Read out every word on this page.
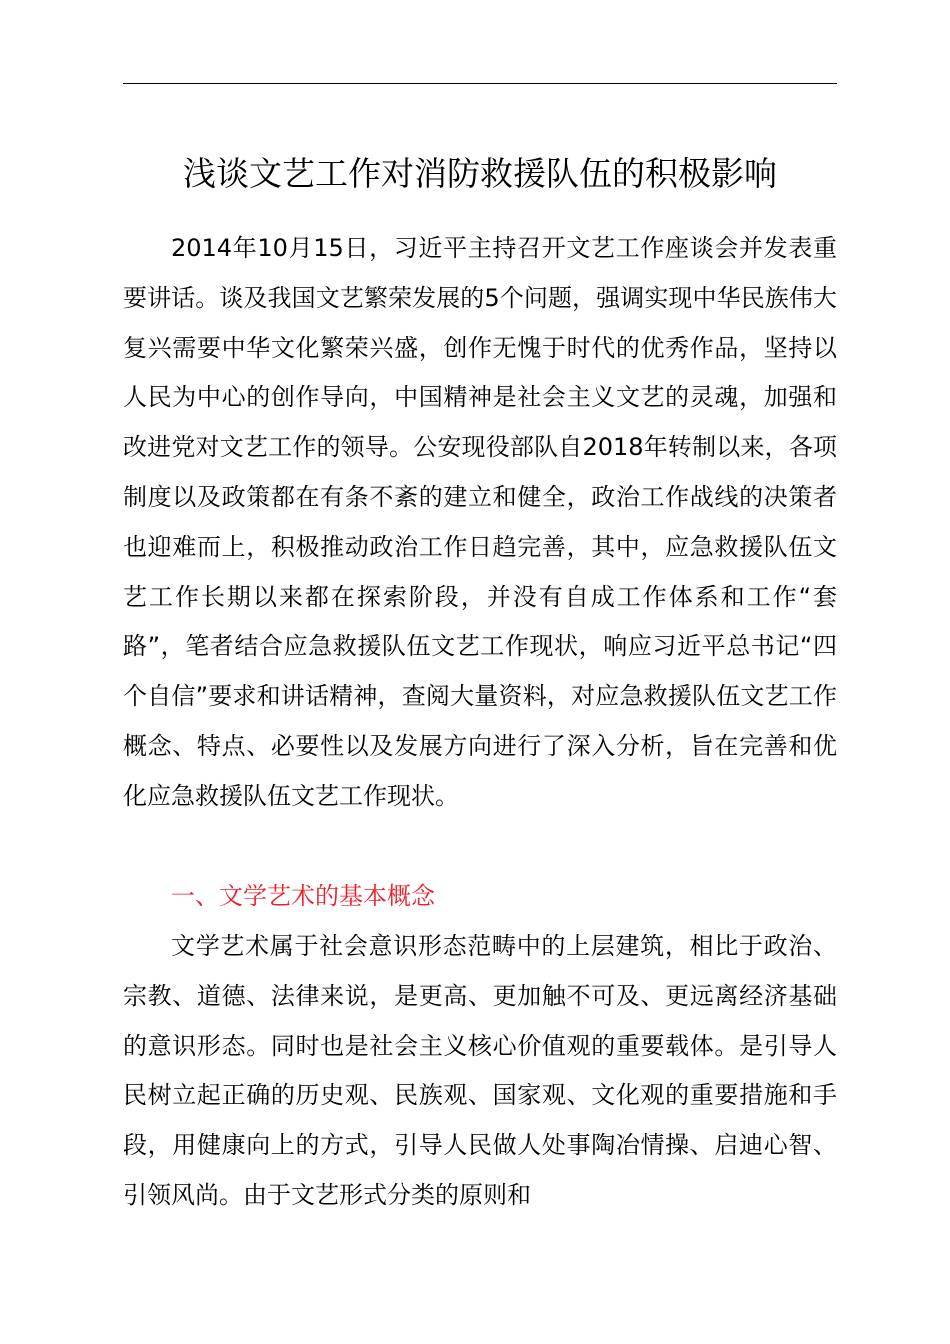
浅谈文艺工作对消防救援队伍的积极影响

2014年10月15日，习近平主持召开文艺工作座谈会并发表重要讲话。谈及我国文艺繁荣发展的5个问题，强调实现中华民族伟大复兴需要中华文化繁荣兴盛，创作无愧于时代的优秀作品，坚持以人民为中心的创作导向，中国精神是社会主义文艺的灵魂，加强和改进党对文艺工作的领导。公安现役部队自2018年转制以来，各项制度以及政策都在有条不紊的建立和健全，政治工作战线的决策者也迎难而上，积极推动政治工作日趋完善，其中，应急救援队伍文艺工作长期以来都在探索阶段，并没有自成工作体系和工作“套路”，笔者结合应急救援队伍文艺工作现状，响应习近平总书记“四个自信”要求和讲话精神，查阅大量资料，对应急救援队伍文艺工作概念、特点、必要性以及发展方向进行了深入分析，旨在完善和优化应急救援队伍文艺工作现状。

一、文学艺术的基本概念

文学艺术属于社会意识形态范畴中的上层建筑，相比于政治、宗教、道德、法律来说，是更高、更加触不可及、更远离经济基础的意识形态。同时也是社会主义核心价值观的重要载体。是引导人民树立起正确的历史观、民族观、国家观、文化观的重要措施和手段，用健康向上的方式，引导人民做人处事陶冶情操、启迪心智、引领风尚。由于文艺形式分类的原则和
